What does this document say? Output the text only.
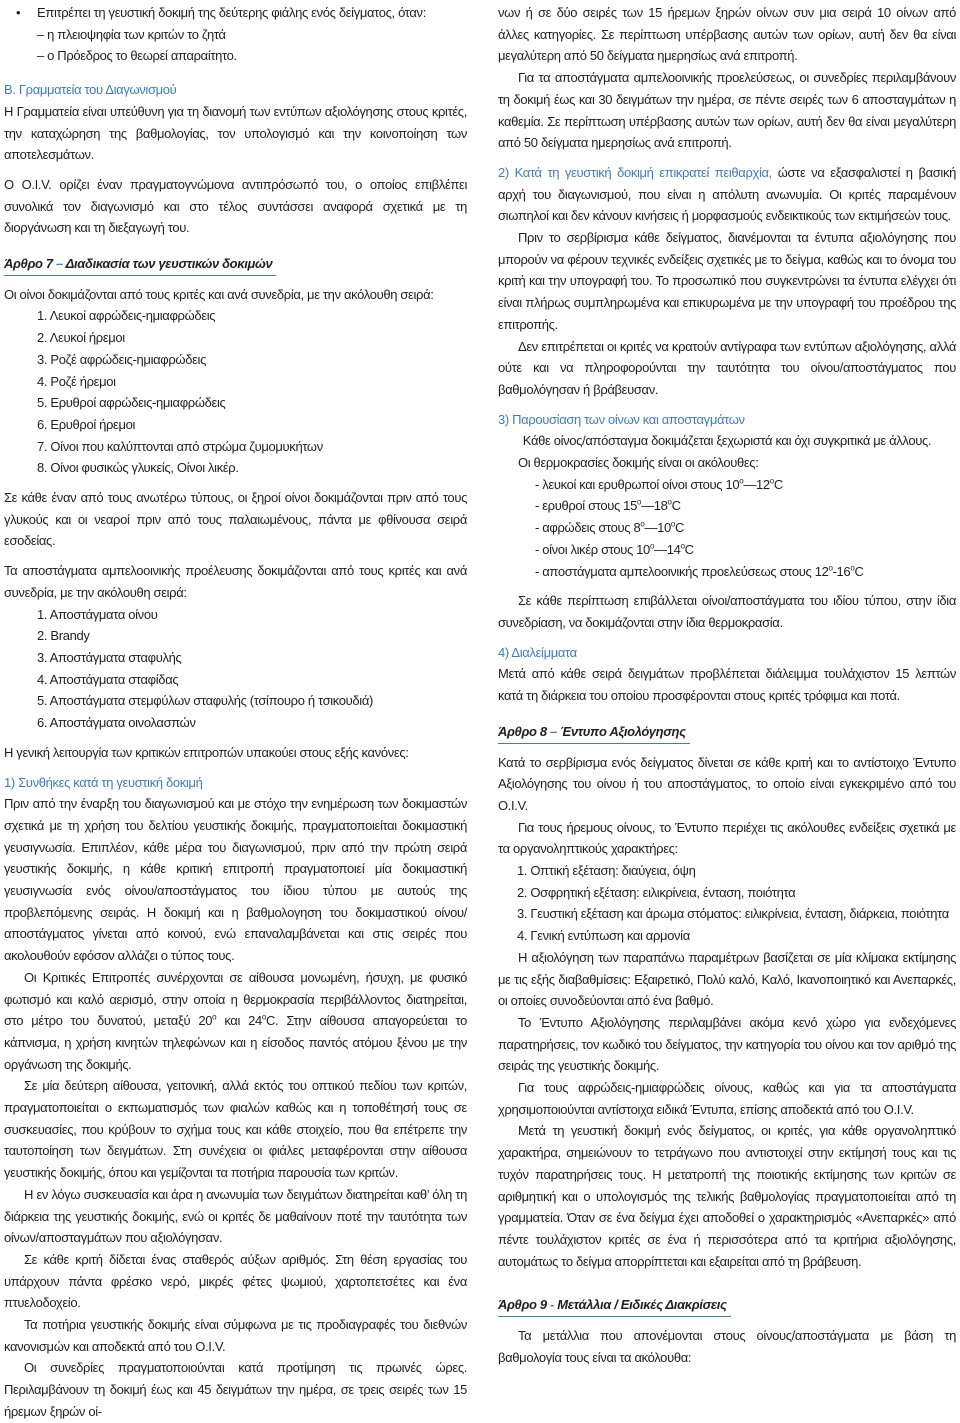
• Επιτρέπει τη γευστική δοκιμή της δεύτερης φιάλης ενός δείγματος, όταν:

– η πλειοψηφία των κριτών το ζητά

– ο Πρόεδρος το θεωρεί απαραίτητο.

Β. Γραμματεία του Διαγωνισμού

Η Γραμματεία είναι υπεύθυνη για τη διανομή των εντύπων αξιολόγησης στους κριτές, την καταχώρηση της βαθμολογίας, τον υπολογισμό και την κοινοποίηση των αποτελεσμάτων.

Ο O.I.V. ορίζει έναν πραγματογνώμονα αντιπρόσωπό του, ο οποίος επιβλέπει συνολικά τον διαγωνισμό και στο τέλος συντάσσει αναφορά σχετικά με τη διοργάνωση και τη διεξαγωγή του.

Άρθρο 7 – Διαδικασία των γευστικών δοκιμών

Οι οίνοι δοκιμάζονται από τους κριτές και ανά συνεδρία, με την ακόλουθη σειρά:

1. Λευκοί αφρώδεις-ημιαφρώδεις

2. Λευκοί ήρεμοι

3. Ροζέ αφρώδεις-ημιαφρώδεις

4. Ροζέ ήρεμοι

5. Ερυθροί αφρώδεις-ημιαφρώδεις

6. Ερυθροί ήρεμοι

7. Οίνοι που καλύπτονται από στρώμα ζυμομυκήτων

8. Οίνοι φυσικώς γλυκείς, Οίνοι λικέρ.

Σε κάθε έναν από τους ανωτέρω τύπους, οι ξηροί οίνοι δοκιμάζονται πριν από τους γλυκούς και οι νεαροί πριν από τους παλαιωμένους, πάντα με φθίνουσα σειρά εσοδείας.

Τα αποστάγματα αμπελοοινικής προέλευσης δοκιμάζονται από τους κριτές και ανά συνεδρία, με την ακόλουθη σειρά:

1. Αποστάγματα οίνου

2. Brandy

3. Αποστάγματα σταφυλής

4. Αποστάγματα σταφίδας

5. Αποστάγματα στεμφύλων σταφυλής (τσίπουρο ή τσικουδιά)

6. Αποστάγματα οινολασπών

Η γενική λειτουργία των κριτικών επιτροπών υπακούει στους εξής κανόνες:

1) Συνθήκες κατά τη γευστική δοκιμή

Πριν από την έναρξη του διαγωνισμού και με στόχο την ενημέρωση των δοκιμαστών σχετικά με τη χρήση του δελτίου γευστικής δοκιμής, πραγματοποιείται δοκιμαστική γευσιγνωσία. Επιπλέον, κάθε μέρα του διαγωνισμού, πριν από την πρώτη σειρά γευστικής δοκιμής, η κάθε κριτική επιτροπή πραγματοποιεί μία δοκιμαστική γευσιγνωσία ενός οίνου/αποστάγματος του ίδιου τύπου με αυτούς της προβλεπόμενης σειράς. Η δοκιμή και η βαθμολογηση του δοκιμαστικού οίνου/αποστάγματος γίνεται από κοινού, ενώ επαναλαμβάνεται και στις σειρές που ακολουθούν εφόσον αλλάζει ο τύπος τους.

Οι Κριτικές Επιτροπές συνέρχονται σε αίθουσα μονωμένη, ήσυχη, με φυσικό φωτισμό και καλό αερισμό, στην οποία η θερμοκρασία περιβάλλοντος διατηρείται, στο μέτρο του δυνατού, μεταξύ 20$^o$ και 24$^o$C. Στην αίθουσα απαγορεύεται το κάπνισμα, η χρήση κινητών τηλεφώνων και η είσοδος παντός ατόμου ξένου με την οργάνωση της δοκιμής.

Σε μία δεύτερη αίθουσα, γειτονική, αλλά εκτός του οπτικού πεδίου των κριτών, πραγματοποιείται ο εκπωματισμός των φιαλών καθώς και η τοποθέτησή τους σε συσκευασίες, που κρύβουν το σχήμα τους και κάθε στοιχείο, που θα επέτρεπε την ταυτοποίηση των δειγμάτων. Στη συνέχεια οι φιάλες μεταφέρονται στην αίθουσα γευστικής δοκιμής, όπου και γεμίζονται τα ποτήρια παρουσία των κριτών.

Η εν λόγω συσκευασία και άρα η ανωνυμία των δειγμάτων διατηρείται καθ’ όλη τη διάρκεια της γευστικής δοκιμής, ενώ οι κριτές δε μαθαίνουν ποτέ την ταυτότητα των οίνων/αποσταγμάτων που αξιολόγησαν.

Σε κάθε κριτή δίδεται ένας σταθερός αύξων αριθμός. Στη θέση εργασίας του υπάρχουν πάντα φρέσκο νερό, μικρές φέτες ψωμιού, χαρτοπετσέτες και ένα πτυελοδοχείο.

Τα ποτήρια γευστικής δοκιμής είναι σύμφωνα με τις προδιαγραφές του διεθνών κανονισμών και αποδεκτά από του O.I.V.

Οι συνεδρίες πραγματοποιούνται κατά προτίμηση τις πρωινές ώρες. Περιλαμβάνουν τη δοκιμή έως και 45 δειγμάτων την ημέρα, σε τρεις σειρές των 15 ήρεμων ξηρών οί-

νων ή σε δύο σειρές των 15 ήρεμων ξηρών οίνων συν μια σειρά 10 οίνων από άλλες κατηγορίες. Σε περίπτωση υπέρβασης αυτών των ορίων, αυτή δεν θα είναι μεγαλύτερη από 50 δείγματα ημερησίως ανά επιτροπή.

Για τα αποστάγματα αμπελοοινικής προελεύσεως, οι συνεδρίες περιλαμβάνουν τη δοκιμή έως και 30 δειγμάτων την ημέρα, σε πέντε σειρές των 6 αποσταγμάτων η καθεμία. Σε περίπτωση υπέρβασης αυτών των ορίων, αυτή δεν θα είναι μεγαλύτερη από 50 δείγματα ημερησίως ανά επιτροπή.

2) Κατά τη γευστική δοκιμή επικρατεί πειθαρχία, ώστε να εξασφαλιστεί η βασική αρχή του διαγωνισμού, που είναι η απόλυτη ανωνυμία. Οι κριτές παραμένουν σιωπηλοί και δεν κάνουν κινήσεις ή μορφασμούς ενδεικτικούς των εκτιμήσεών τους.

Πριν το σερβίρισμα κάθε δείγματος, διανέμονται τα έντυπα αξιολόγησης που μπορούν να φέρουν τεχνικές ενδείξεις σχετικές με το δείγμα, καθώς και το όνομα του κριτή και την υπογραφή του. Το προσωπικό που συγκεντρώνει τα έντυπα ελέγχει ότι είναι πλήρως συμπληρωμένα και επικυρωμένα με την υπογραφή του προέδρου της επιτροπής.

Δεν επιτρέπεται οι κριτές να κρατούν αντίγραφα των εντύπων αξιολόγησης, αλλά ούτε και να πληροφορούνται την ταυτότητα του οίνου/αποστάγματος που βαθμολόγησαν ή βράβευσαν.

3) Παρουσίαση των οίνων και αποσταγμάτων

Κάθε οίνος/απόσταγμα δοκιμάζεται ξεχωριστά και όχι συγκριτικά με άλλους.

Οι θερμοκρασίες δοκιμής είναι οι ακόλουθες:

- λευκοί και ερυθρωποί οίνοι στους $10^o—12^oC$

- ερυθροί στους $15^o—18^oC$

- αφρώδεις στους $8^o—10^oC$

- οίνοι λικέρ στους $10^o—14^oC$

- αποστάγματα αμπελοοινικής προελεύσεως στους $12^o-16^oC$

Σε κάθε περίπτωση επιβάλλεται οίνοι/αποστάγματα του ιδίου τύπου, στην ίδια συνεδρίαση, να δοκιμάζονται στην ίδια θερμοκρασία.

4) Διαλείμματα

Μετά από κάθε σειρά δειγμάτων προβλέπεται διάλειμμα τουλάχιστον 15 λεπτών κατά τη διάρκεια του οποίου προσφέρονται στους κριτές τρόφιμα και ποτά.

Άρθρο 8 – Έντυπο Αξιολόγησης

Κατά το σερβίρισμα ενός δείγματος δίνεται σε κάθε κριτή και το αντίστοιχο Έντυπο Αξιολόγησης του οίνου ή του αποστάγματος, το οποίο είναι εγκεκριμένο από του O.I.V.

Για τους ήρεμους οίνους, το Έντυπο περιέχει τις ακόλουθες ενδείξεις σχετικά με τα οργανοληπτικούς χαρακτήρες:

1. Οπτική εξέταση: διαύγεια, όψη

2. Οσφρητική εξέταση: ειλικρίνεια, ένταση, ποιότητα

3. Γευστική εξέταση και άρωμα στόματος: ειλικρίνεια, ένταση, διάρκεια, ποιότητα

4. Γενική εντύπωση και αρμονία

Η αξιολόγηση των παραπάνω παραμέτρων βασίζεται σε μία κλίμακα εκτίμησης με τις εξής διαβαθμίσεις: Εξαιρετικό, Πολύ καλό, Καλό, Ικανοποιητικό και Ανεπαρκές, οι οποίες συνοδεύονται από ένα βαθμό.

Το Έντυπο Αξιολόγησης περιλαμβάνει ακόμα κενό χώρο για ενδεχόμενες παρατηρήσεις, τον κωδικό του δείγματος, την κατηγορία του οίνου και τον αριθμό της σειράς της γευστικής δοκιμής.

Για τους αφρώδεις-ημιαφρώδεις οίνους, καθώς και για τα αποστάγματα χρησιμοποιούνται αντίστοιχα ειδικά Έντυπα, επίσης αποδεκτά από του O.I.V.

Μετά τη γευστική δοκιμή ενός δείγματος, οι κριτές, για κάθε οργανοληπτικό χαρακτήρα, σημειώνουν το τετράγωνο που αντιστοιχεί στην εκτίμησή τους και τις τυχόν παρατηρήσεις τους. Η μετατροπή της ποιοτικής εκτίμησης των κριτών σε αριθμητική και ο υπολογισμός της τελικής βαθμολογίας πραγματοποιείται από τη γραμματεία. Όταν σε ένα δείγμα έχει αποδοθεί ο χαρακτηρισμός «Ανεπαρκές» από πέντε τουλάχιστον κριτές σε ένα ή περισσότερα από τα κριτήρια αξιολόγησης, αυτομάτως το δείγμα απορρίπτεται και εξαιρείται από τη βράβευση.

Άρθρο 9 - Μετάλλια / Ειδικές Διακρίσεις

Τα μετάλλια που απονέμονται στους οίνους/αποστάγματα με βάση τη βαθμολογία τους είναι τα ακόλουθα:
